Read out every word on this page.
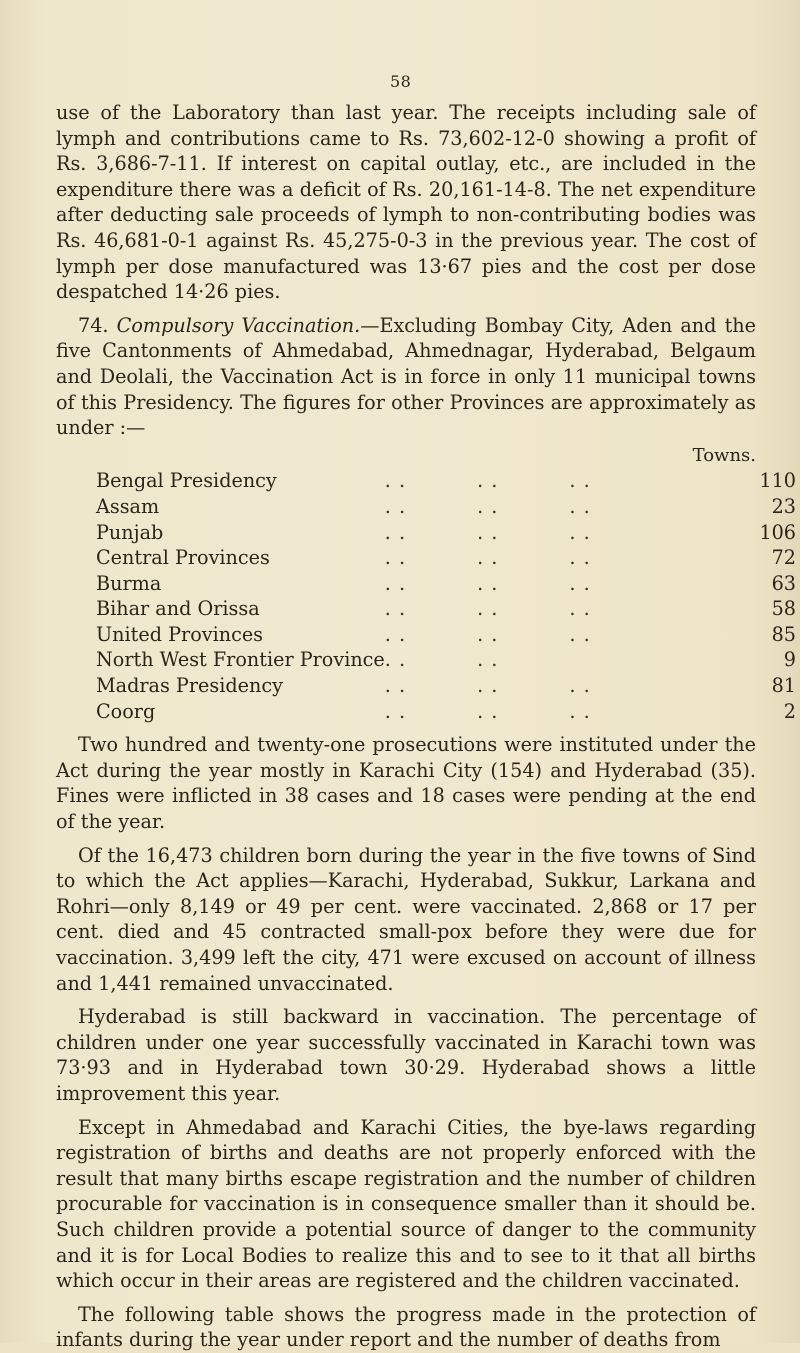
58

use of the Laboratory than last year. The receipts including sale of lymph and contributions came to Rs. 73,602-12-0 showing a profit of Rs. 3,686-7-11. If interest on capital outlay, etc., are included in the expenditure there was a deficit of Rs. 20,161-14-8. The net expenditure after deducting sale proceeds of lymph to non-contributing bodies was Rs. 46,681-0-1 against Rs. 45,275-0-3 in the previous year. The cost of lymph per dose manufactured was 13·67 pies and the cost per dose despatched 14·26 pies.

74. Compulsory Vaccination.—Excluding Bombay City, Aden and the five Cantonments of Ahmedabad, Ahmednagar, Hyderabad, Belgaum and Deolali, the Vaccination Act is in force in only 11 municipal towns of this Presidency. The figures for other Provinces are approximately as under :—

Towns.
Bengal Presidency	. .          . .          . .	110
Assam	. .          . .          . .	23
Punjab	. .          . .          . .	106
Central Provinces	. .          . .          . .	72
Burma	. .          . .          . .	63
Bihar and Orissa	. .          . .          . .	58
United Provinces	. .          . .          . .	85
North West Frontier Province	. .          . .	9
Madras Presidency	. .          . .          . .	81
Coorg	. .          . .          . .	2

Two hundred and twenty-one prosecutions were instituted under the Act during the year mostly in Karachi City (154) and Hyderabad (35). Fines were inflicted in 38 cases and 18 cases were pending at the end of the year.

Of the 16,473 children born during the year in the five towns of Sind to which the Act applies—Karachi, Hyderabad, Sukkur, Larkana and Rohri—only 8,149 or 49 per cent. were vaccinated. 2,868 or 17 per cent. died and 45 contracted small-pox before they were due for vaccination. 3,499 left the city, 471 were excused on account of illness and 1,441 remained unvaccinated.

Hyderabad is still backward in vaccination. The percentage of children under one year successfully vaccinated in Karachi town was 73·93 and in Hyderabad town 30·29. Hyderabad shows a little improvement this year.

Except in Ahmedabad and Karachi Cities, the bye-laws regarding registration of births and deaths are not properly enforced with the result that many births escape registration and the number of children procurable for vaccination is in consequence smaller than it should be. Such children provide a potential source of danger to the community and it is for Local Bodies to realize this and to see to it that all births which occur in their areas are registered and the children vaccinated.

The following table shows the progress made in the protection of infants during the year under report and the number of deaths from
